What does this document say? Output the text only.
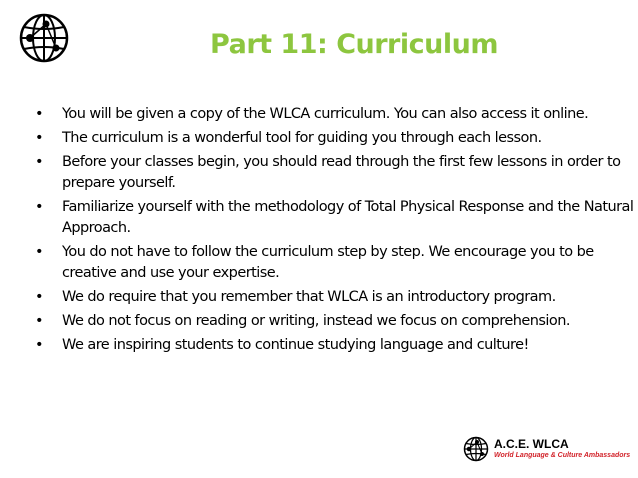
Part 11: Curriculum
• You will be given a copy of the WLCA curriculum. You can also access it online.
• The curriculum is a wonderful tool for guiding you through each lesson.
• Before your classes begin, you should read through the first few lessons in order to prepare yourself.
• Familiarize yourself with the methodology of Total Physical Response and the Natural Approach.
• You do not have to follow the curriculum step by step. We encourage you to be creative and use your expertise.
• We do require that you remember that WLCA is an introductory program.
• We do not focus on reading or writing, instead we focus on comprehension.
• We are inspiring students to continue studying language and culture!
A.C.E. WLCA
World Language & Culture Ambassadors
